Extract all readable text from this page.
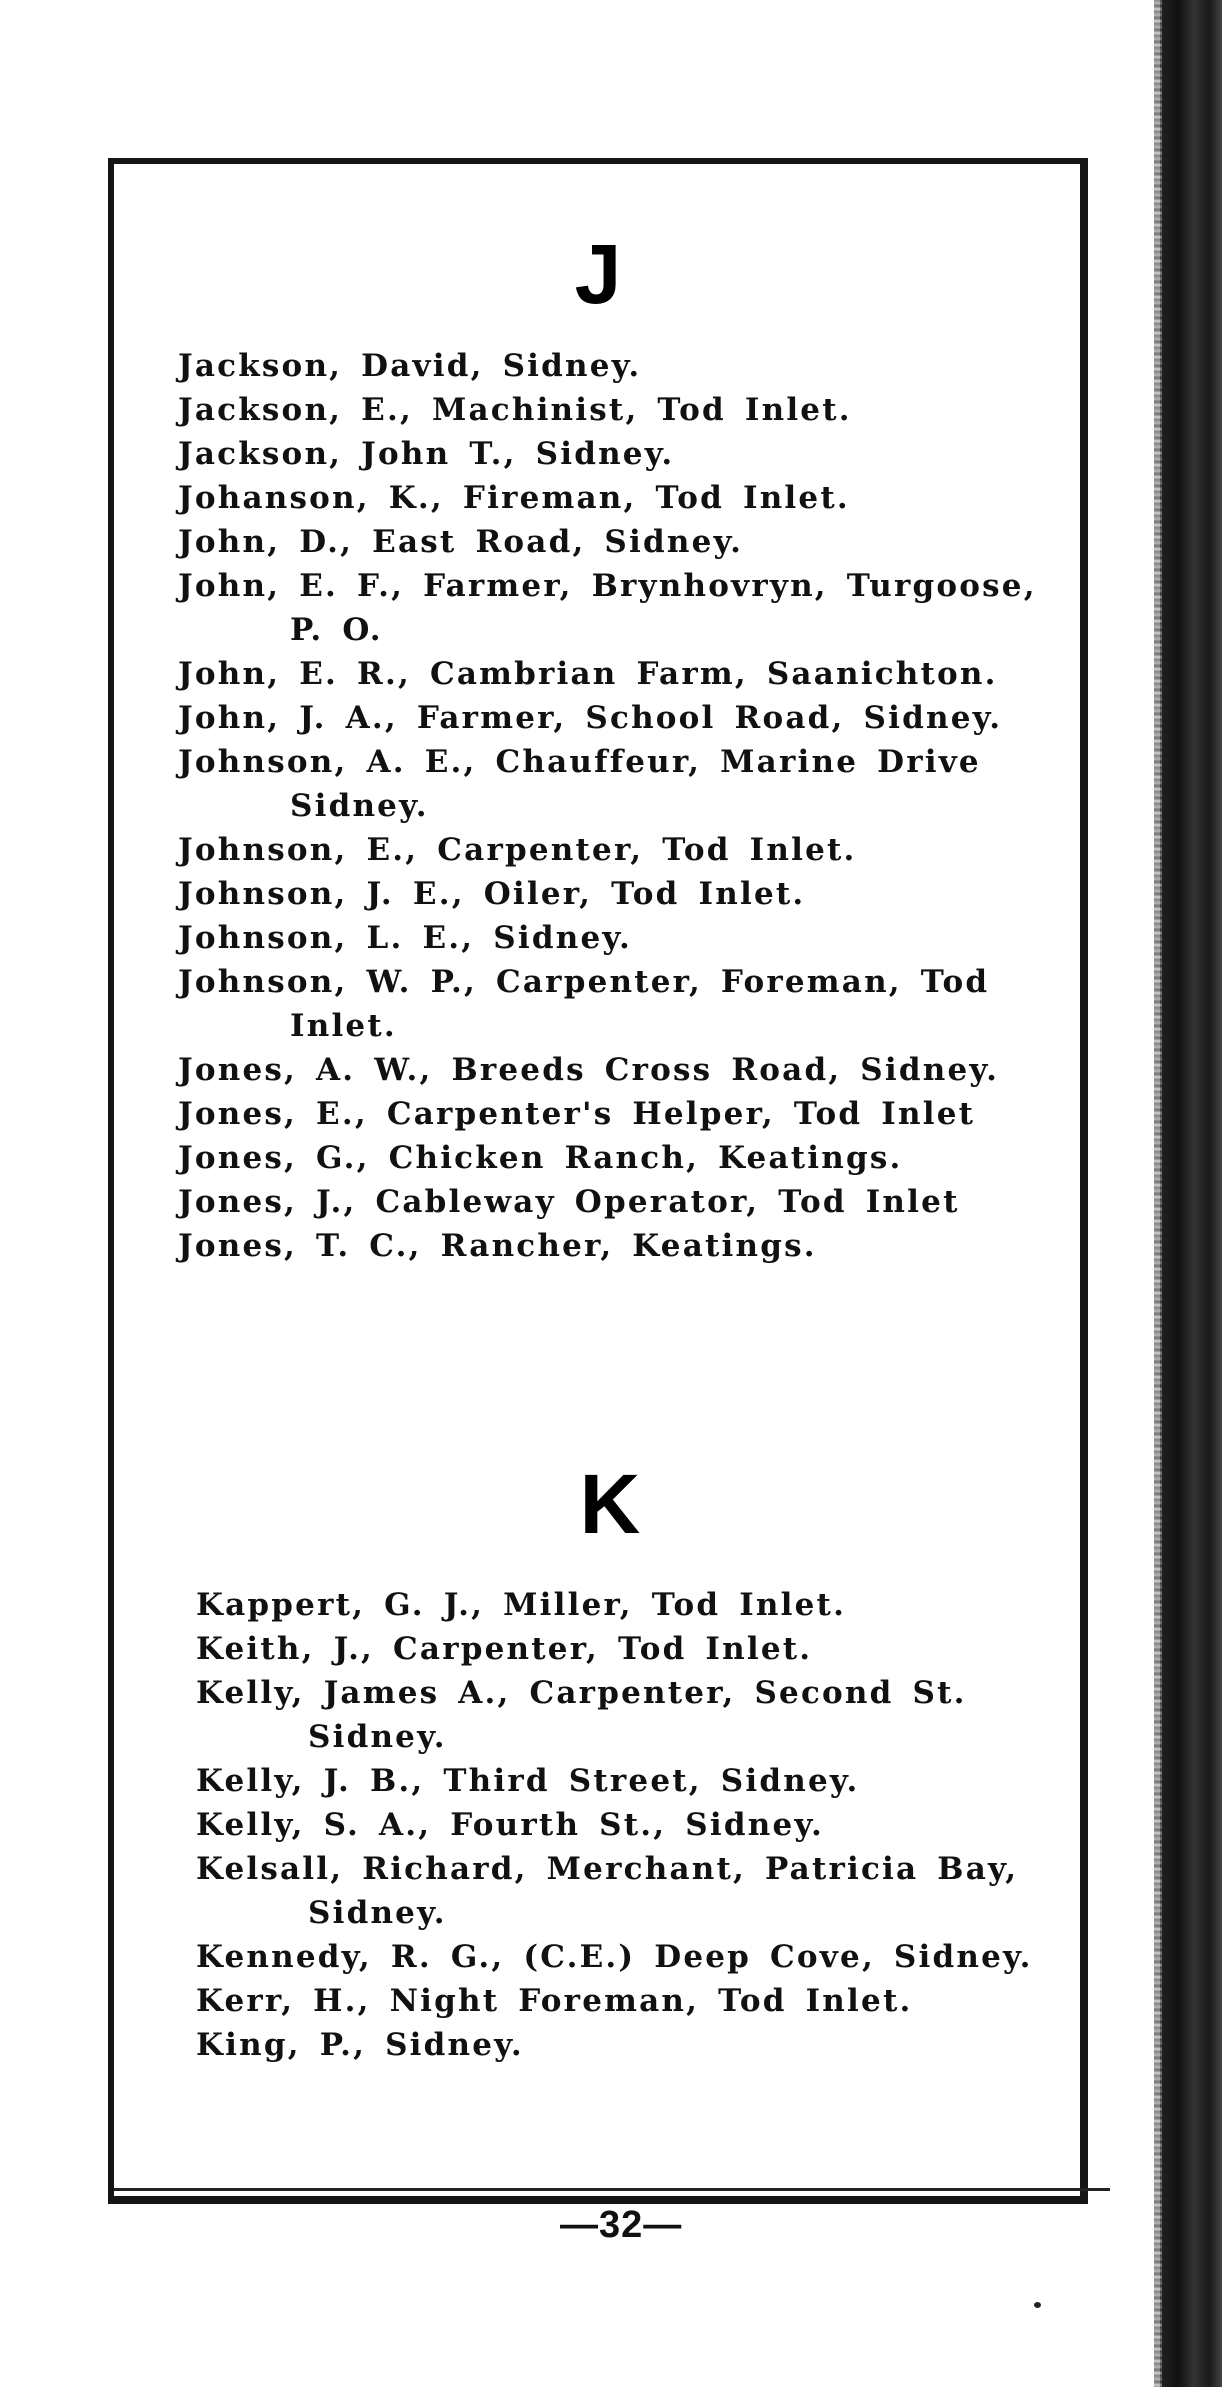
J
Jackson, David, Sidney.
Jackson, E., Machinist, Tod Inlet.
Jackson, John T., Sidney.
Johanson, K., Fireman, Tod Inlet.
John, D., East Road, Sidney.
John, E. F., Farmer, Brynhovryn, Turgoose, P. O.
John, E. R., Cambrian Farm, Saanichton.
John, J. A., Farmer, School Road, Sidney.
Johnson, A. E., Chauffeur, Marine Drive Sidney.
Johnson, E., Carpenter, Tod Inlet.
Johnson, J. E., Oiler, Tod Inlet.
Johnson, L. E., Sidney.
Johnson, W. P., Carpenter, Foreman, Tod Inlet.
Jones, A. W., Breeds Cross Road, Sidney.
Jones, E., Carpenter's Helper, Tod Inlet
Jones, G., Chicken Ranch, Keatings.
Jones, J., Cableway Operator, Tod Inlet
Jones, T. C., Rancher, Keatings.
K
Kappert, G. J., Miller, Tod Inlet.
Keith, J., Carpenter, Tod Inlet.
Kelly, James A., Carpenter, Second St. Sidney.
Kelly, J. B., Third Street, Sidney.
Kelly, S. A., Fourth St., Sidney.
Kelsall, Richard, Merchant, Patricia Bay, Sidney.
Kennedy, R. G., (C.E.) Deep Cove, Sidney.
Kerr, H., Night Foreman, Tod Inlet.
King, P., Sidney.
—32—
